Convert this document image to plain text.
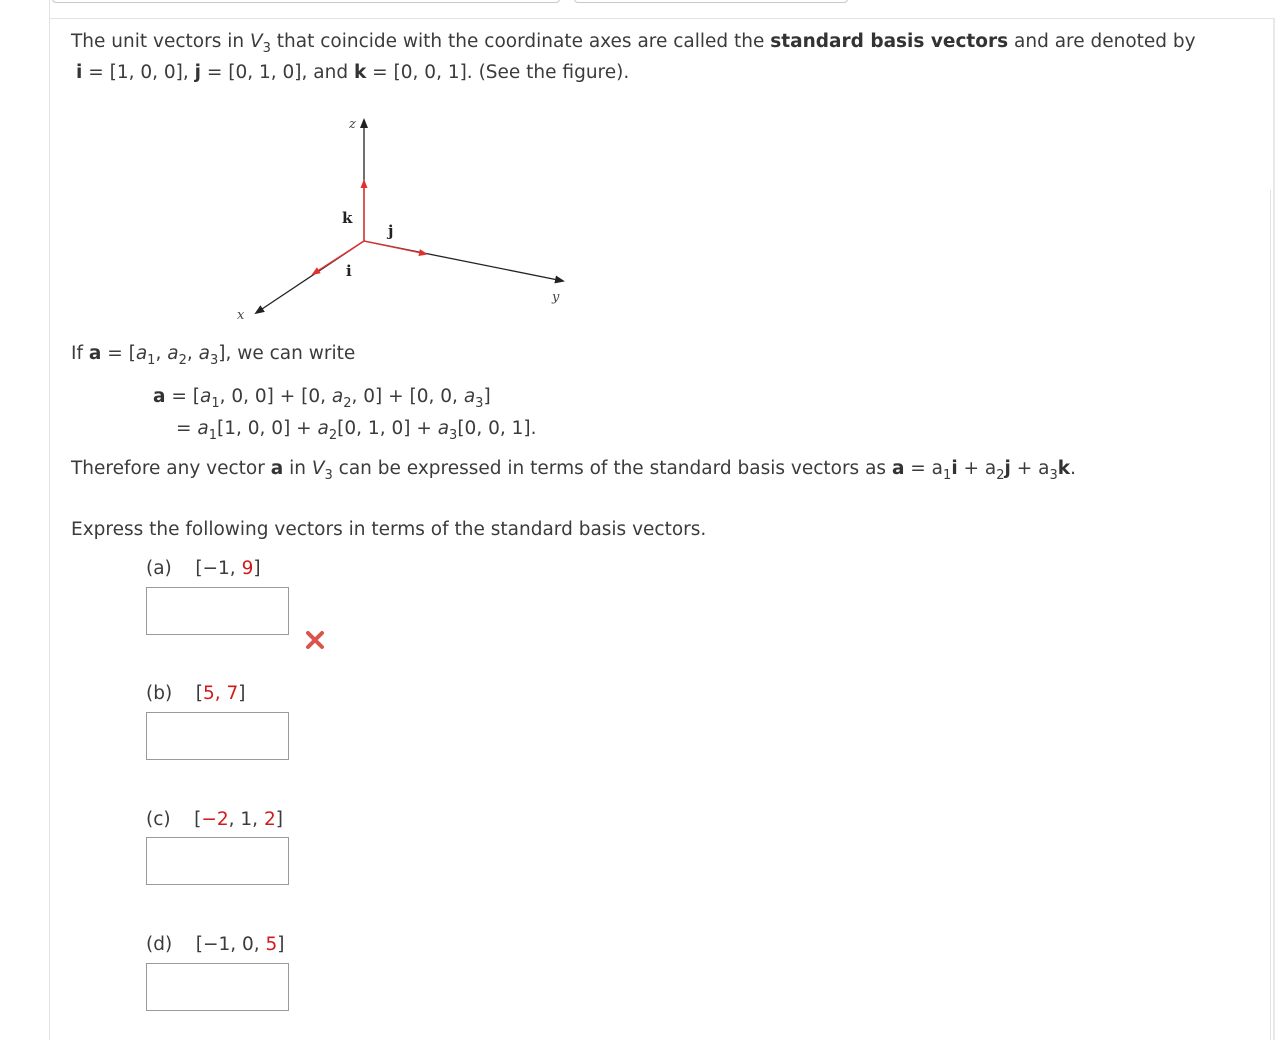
The unit vectors in $V_3$ that coincide with the coordinate axes are called the standard basis vectors and are denoted by
i = [1, 0, 0], j = [0, 1, 0], and k = [0, 0, 1]. (See the figure).
z
x
y
k
j
i
If $a = [a_1$, $a_2$, $a_3$], we can write
$a = [a_1$, 0, 0] + [0, $a_2$, 0] + [0, 0, $a_3$]
= $a_1[1$, 0, $0] + a_2[0$, 1, $0] + a_3[0$, 0, 1].
Therefore any vector a in $V_3$ can be expressed in terms of the standard basis vectors as $a = a_1i + a_2j + a_3k$.
Express the following vectors in terms of the standard basis vectors.
(a) [−1, 9]
(b) [5, 7]
(c) [−2, 1, 2]
(d) [−1, 0, 5]
